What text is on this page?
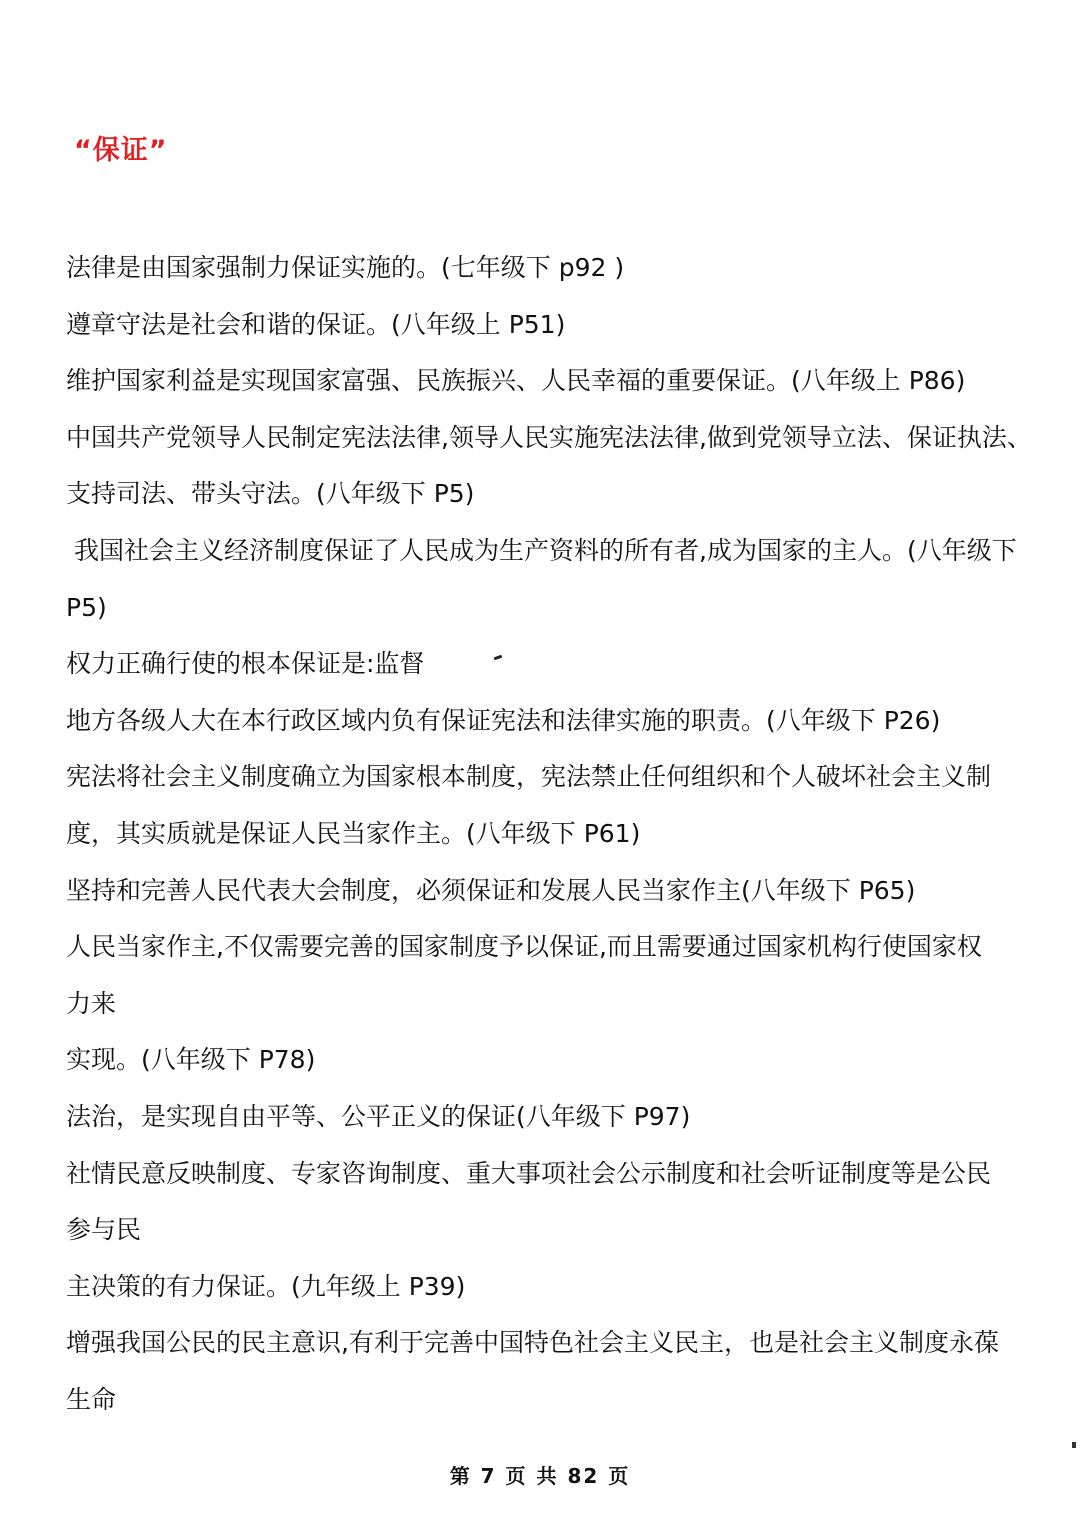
“保证”
法律是由国家强制力保证实施的。(七年级下 p92 )
遵章守法是社会和谐的保证。(八年级上 P51)
维护国家利益是实现国家富强、民族振兴、人民幸福的重要保证。(八年级上 P86)
中国共产党领导人民制定宪法法律,领导人民实施宪法法律,做到党领导立法、保证执法、
支持司法、带头守法。(八年级下 P5)
我国社会主义经济制度保证了人民成为生产资料的所有者,成为国家的主人。(八年级下
P5)
权力正确行使的根本保证是:监督
地方各级人大在本行政区域内负有保证宪法和法律实施的职责。(八年级下 P26)
宪法将社会主义制度确立为国家根本制度，宪法禁止任何组织和个人破坏社会主义制
度，其实质就是保证人民当家作主。(八年级下 P61)
坚持和完善人民代表大会制度，必须保证和发展人民当家作主(八年级下 P65)
人民当家作主,不仅需要完善的国家制度予以保证,而且需要通过国家机构行使国家权
力来
实现。(八年级下 P78)
法治，是实现自由平等、公平正义的保证(八年级下 P97)
社情民意反映制度、专家咨询制度、重大事项社会公示制度和社会听证制度等是公民
参与民
主决策的有力保证。(九年级上 P39)
增强我国公民的民主意识,有利于完善中国特色社会主义民主，也是社会主义制度永葆
生命
第 7 页 共 82 页
